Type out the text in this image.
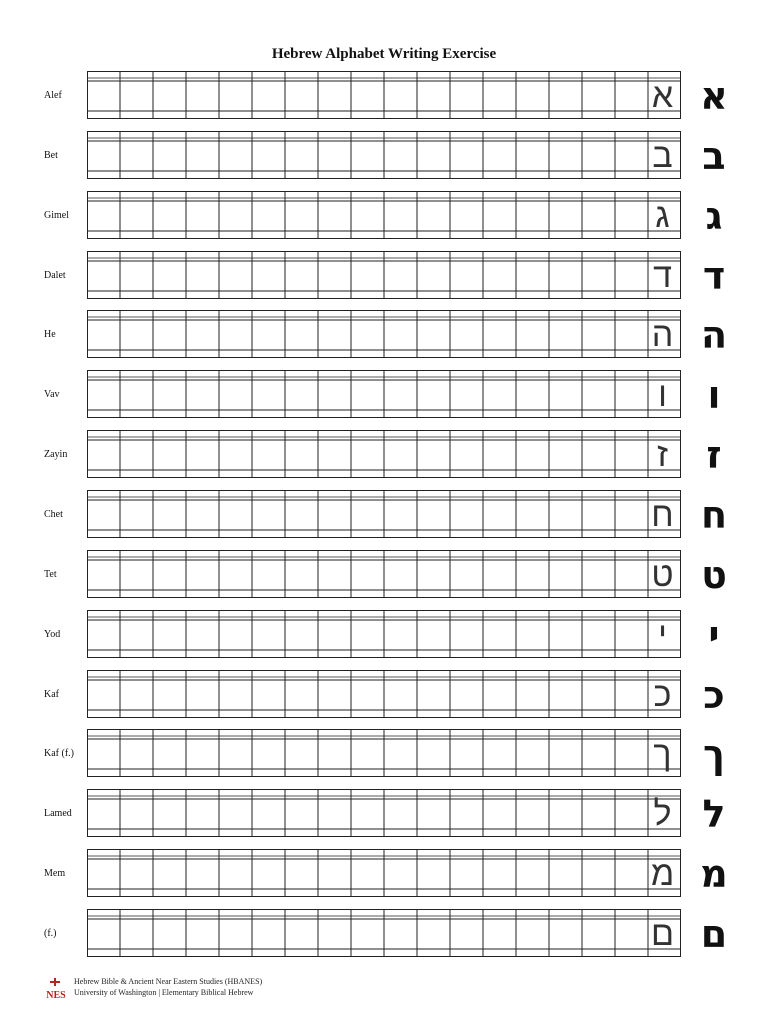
Hebrew Alphabet Writing Exercise
Alef	א א
Bet	ב ב
Gimel	ג ג
Dalet	ד ד
He	ה ה
Vav	ו	ו
Zayin	ז	ז
Chet	ח ח
Tet	ט ט
Yod	י	י
Kaf	כ כ
Kaf (f.)	ך ך
Lamed	ל ל
Mem	מ מ
(f.)	ם ם
NES
Hebrew Bible & Ancient Near Eastern Studies (HBANES)
University of Washington | Elementary Biblical Hebrew
